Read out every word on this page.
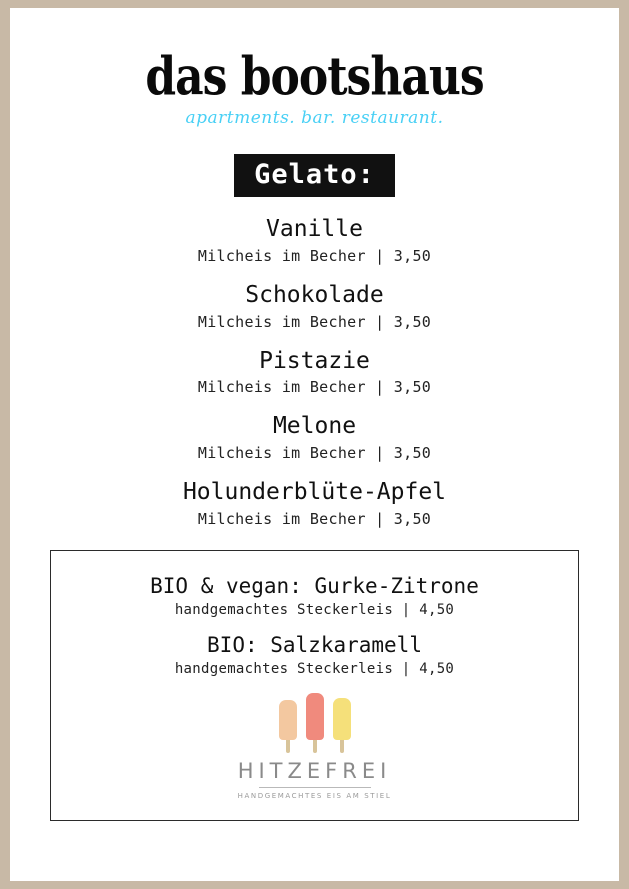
das bootshaus
apartments. bar. restaurant.
Gelato:
Vanille
Milcheis im Becher | 3,50
Schokolade
Milcheis im Becher | 3,50
Pistazie
Milcheis im Becher | 3,50
Melone
Milcheis im Becher | 3,50
Holunderblüte-Apfel
Milcheis im Becher | 3,50
BIO & vegan: Gurke-Zitrone
handgemachtes Steckerleis | 4,50
BIO: Salzkaramell
handgemachtes Steckerleis | 4,50
HITZEFREI
HANDGEMACHTES EIS AM STIEL
